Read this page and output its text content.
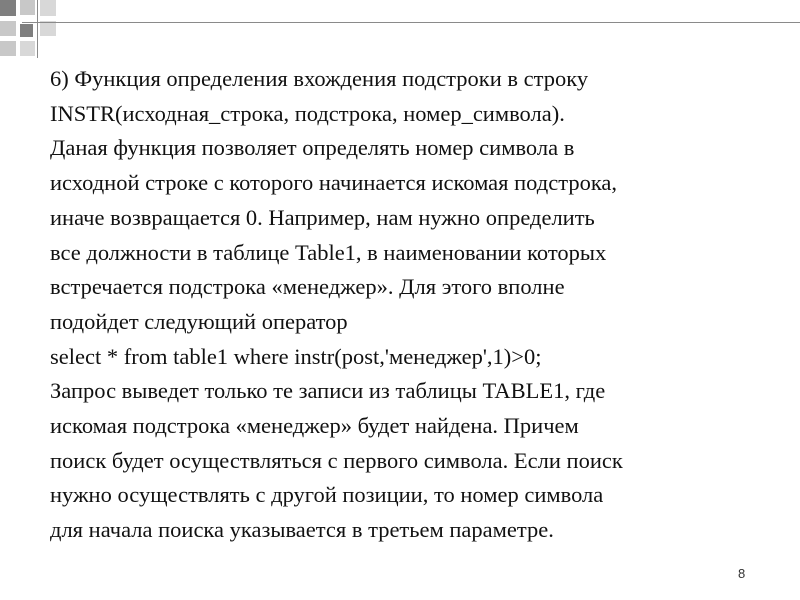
6) Функция определения вхождения подстроки в строку
INSTR(исходная_строка, подстрока, номер_символа).
Даная функция позволяет определять номер символа в
исходной строке с которого начинается искомая подстрока,
иначе возвращается 0. Например, нам нужно определить
все должности в таблице Table1, в наименовании которых
встречается подстрока «менеджер». Для этого вполне
подойдет следующий оператор
select * from table1 where instr(post,'менеджер',1)>0;
Запрос выведет только те записи из таблицы TABLE1, где
искомая подстрока «менеджер» будет найдена. Причем
поиск будет осуществляться с первого символа. Если поиск
нужно осуществлять с другой позиции, то номер символа
для начала поиска указывается в третьем параметре.
8
